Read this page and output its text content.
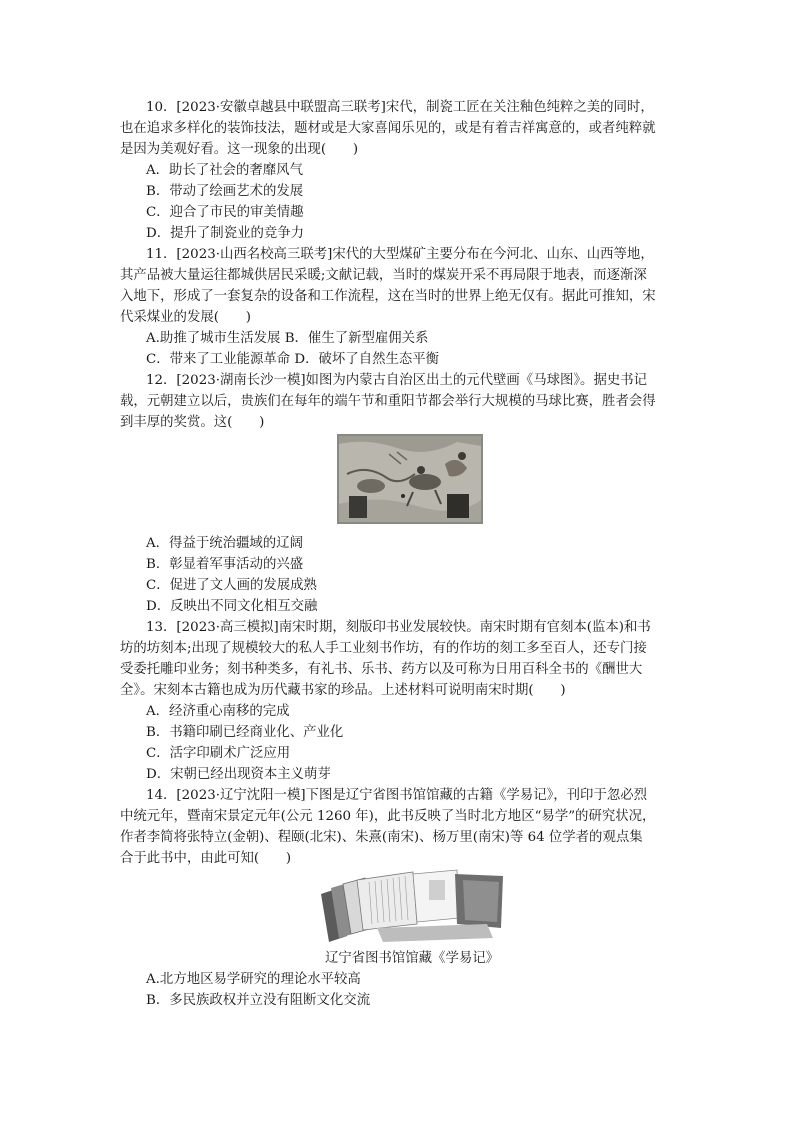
10．[2023·安徽卓越县中联盟高三联考]宋代，制瓷工匠在关注釉色纯粹之美的同时，
也在追求多样化的装饰技法，题材或是大家喜闻乐见的，或是有着吉祥寓意的，或者纯粹就
是因为美观好看。这一现象的出现(　　)
A．助长了社会的奢靡风气
B．带动了绘画艺术的发展
C．迎合了市民的审美情趣
D．提升了制瓷业的竞争力
11．[2023·山西名校高三联考]宋代的大型煤矿主要分布在今河北、山东、山西等地，
其产品被大量运往都城供居民采暖;文献记载，当时的煤炭开采不再局限于地表，而逐渐深
入地下，形成了一套复杂的设备和工作流程，这在当时的世界上绝无仅有。据此可推知，宋
代采煤业的发展(　　)
A.助推了城市生活发展 B．催生了新型雇佣关系
C．带来了工业能源革命 D．破坏了自然生态平衡
12．[2023·湖南长沙一模]如图为内蒙古自治区出土的元代壁画《马球图》。据史书记
载，元朝建立以后，贵族们在每年的端午节和重阳节都会举行大规模的马球比赛，胜者会得
到丰厚的奖赏。这(　　)
A．得益于统治疆域的辽阔
B．彰显着军事活动的兴盛
C．促进了文人画的发展成熟
D．反映出不同文化相互交融
13．[2023·高三模拟]南宋时期，刻版印书业发展较快。南宋时期有官刻本(监本)和书
坊的坊刻本;出现了规模较大的私人手工业刻书作坊，有的作坊的刻工多至百人，还专门接
受委托雕印业务；刻书种类多，有礼书、乐书、药方以及可称为日用百科全书的《酬世大
全》。宋刻本古籍也成为历代藏书家的珍品。上述材料可说明南宋时期(　　)
A．经济重心南移的完成
B．书籍印刷已经商业化、产业化
C．活字印刷术广泛应用
D．宋朝已经出现资本主义萌芽
14．[2023·辽宁沈阳一模]下图是辽宁省图书馆馆藏的古籍《学易记》，刊印于忽必烈
中统元年，暨南宋景定元年(公元 1260 年)，此书反映了当时北方地区“易学”的研究状况，
作者李简将张特立(金朝)、程颐(北宋)、朱熹(南宋)、杨万里(南宋)等 64 位学者的观点集
合于此书中，由此可知(　　)
辽宁省图书馆馆藏《学易记》
A.北方地区易学研究的理论水平较高
B．多民族政权并立没有阻断文化交流
